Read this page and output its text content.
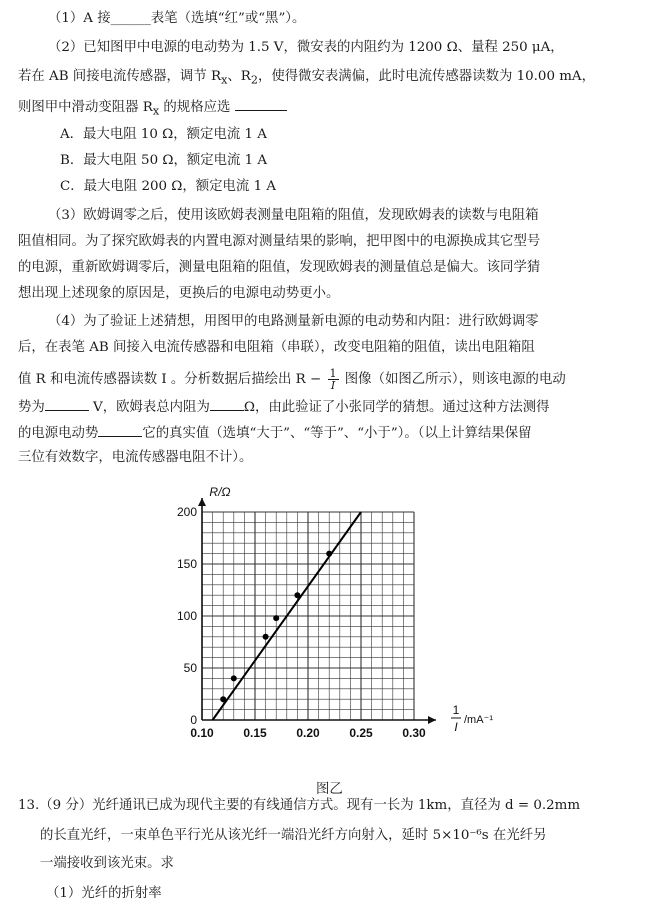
（1）A 接______表笔（选填“红”或“黑”）。
（2）已知图甲中电源的电动势为 1.5 V，微安表的内阻约为 1200 Ω、量程 250 μA，
若在 AB 间接电流传感器，调节 $R_x$、$R_2$，使得微安表满偏，此时电流传感器读数为 10.00 mA，
则图甲中滑动变阻器 $R_x$ 的规格应选
A．最大电阻 10 Ω，额定电流 1 A
B．最大电阻 50 Ω，额定电流 1 A
C．最大电阻 200 Ω，额定电流 1 A
（3）欧姆调零之后，使用该欧姆表测量电阻箱的阻值，发现欧姆表的读数与电阻箱
阻值相同。为了探究欧姆表的内置电源对测量结果的影响，把甲图中的电源换成其它型号
的电源，重新欧姆调零后，测量电阻箱的阻值，发现欧姆表的测量值总是偏大。该同学猜
想出现上述现象的原因是，更换后的电源电动势更小。
（4）为了验证上述猜想，用图甲的电路测量新电源的电动势和内阻：进行欧姆调零
后，在表笔 AB 间接入电流传感器和电阻箱（串联），改变电阻箱的阻值，读出电阻箱阻
值 R 和电流传感器读数 I 。分析数据后描绘出 $R - \frac{1}{I}$ 图像（如图乙所示），则该电源的电动
势为	V，欧姆表总内阻为	Ω，由此验证了小张同学的猜想。通过这种方法测得
的电源电动势	它的真实值（选填“大于”、“等于”、“小于”）。（以上计算结果保留
三位有效数字，电流传感器电阻不计）。
0.10 0.15 0.20 0.25 0.30
0
50
100
150
200
R/Ω
1
I /mA⁻¹
图乙
13.（9 分）光纤通讯已成为现代主要的有线通信方式。现有一长为 1km，直径为 d = 0.2mm
的长直光纤，一束单色平行光从该光纤一端沿光纤方向射入，延时 5×10⁻⁶s 在光纤另
一端接收到该光束。求
（1）光纤的折射率
